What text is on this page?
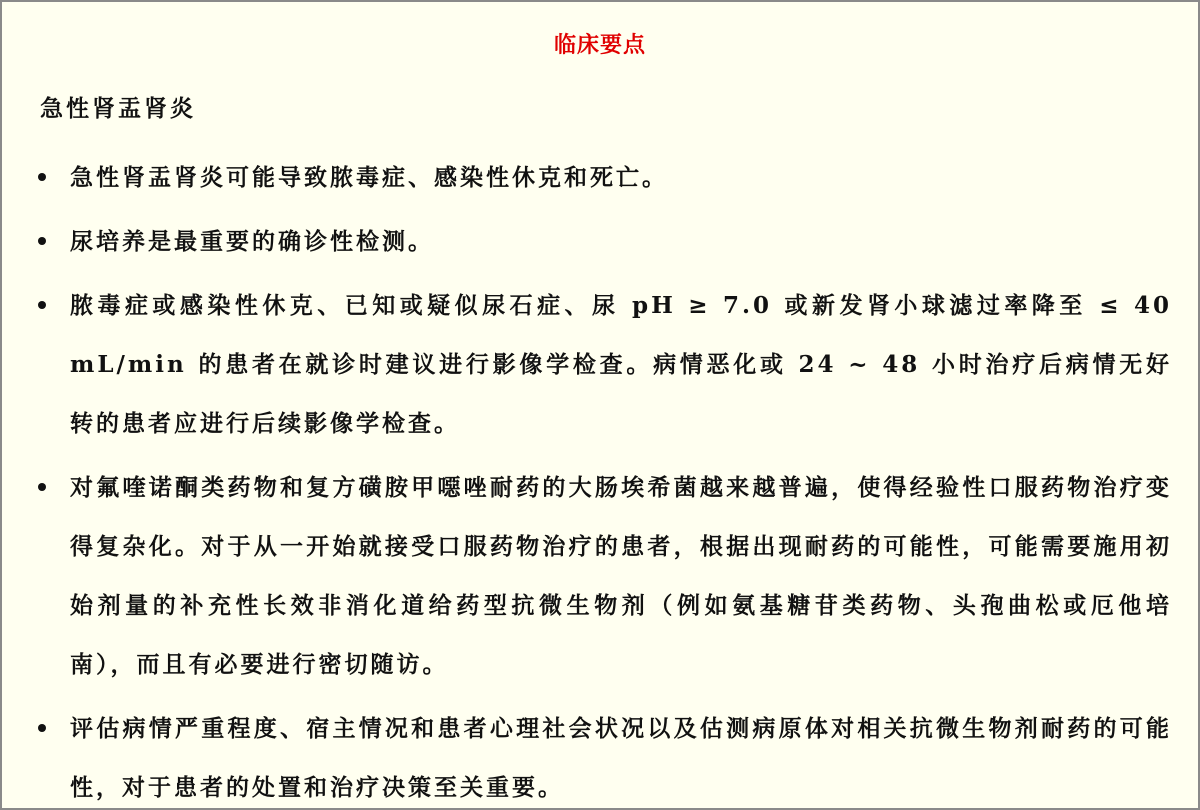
临床要点
急性肾盂肾炎
急性肾盂肾炎可能导致脓毒症、感染性休克和死亡。
尿培养是最重要的确诊性检测。
脓毒症或感染性休克、已知或疑似尿石症、尿 pH ≥ 7.0 或新发肾小球滤过率降至 ≤ 40 mL/min 的患者在就诊时建议进行影像学检查。病情恶化或 24 ~ 48 小时治疗后病情无好转的患者应进行后续影像学检查。
对氟喹诺酮类药物和复方磺胺甲噁唑耐药的大肠埃希菌越来越普遍，使得经验性口服药物治疗变得复杂化。对于从一开始就接受口服药物治疗的患者，根据出现耐药的可能性，可能需要施用初始剂量的补充性长效非消化道给药型抗微生物剂（例如氨基糖苷类药物、头孢曲松或厄他培南），而且有必要进行密切随访。
评估病情严重程度、宿主情况和患者心理社会状况以及估测病原体对相关抗微生物剂耐药的可能性，对于患者的处置和治疗决策至关重要。
